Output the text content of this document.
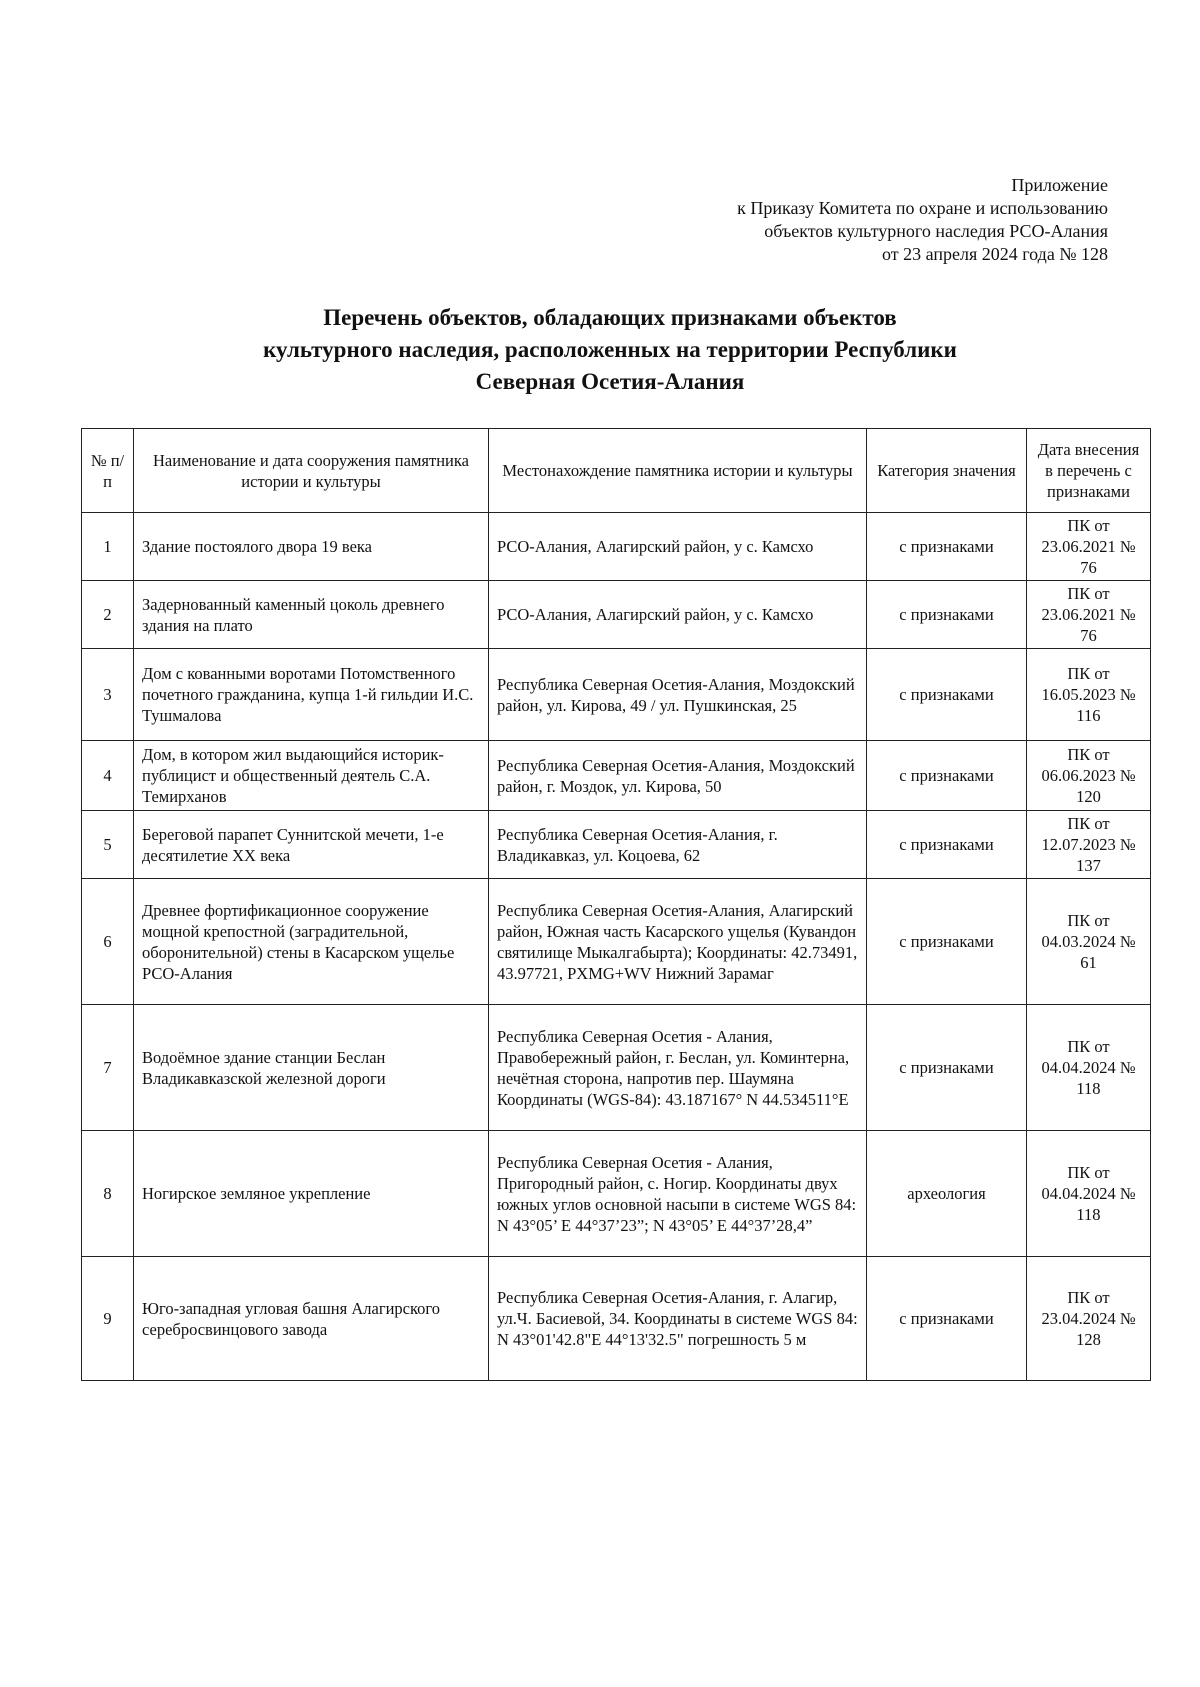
Приложение
к Приказу Комитета по охране и использованию
объектов культурного наследия РСО-Алания
от 23 апреля 2024 года № 128
Перечень объектов, обладающих признаками объектов
культурного наследия, расположенных на территории Республики
Северная Осетия-Алания
№ п/п	Наименование и дата сооружения памятника истории и культуры	Местонахождение памятника истории и культуры	Категория значения	Дата внесения в перечень с признаками
1	Здание постоялого двора 19 века	РСО-Алания, Алагирский район, у с. Камсхо	с признаками	ПК от 23.06.2021 № 76
2	Задернованный каменный цоколь древнего здания на плато	РСО-Алания, Алагирский район, у с. Камсхо	с признаками	ПК от 23.06.2021 № 76
3	Дом с кованными воротами Потомственного почетного гражданина, купца 1-й гильдии И.С. Тушмалова	Республика Северная Осетия-Алания, Моздокский район, ул. Кирова, 49 / ул. Пушкинская, 25	с признаками	ПК от 16.05.2023 № 116
4	Дом, в котором жил выдающийся историк-публицист и общественный деятель С.А. Темирханов	Республика Северная Осетия-Алания, Моздокский район, г. Моздок, ул. Кирова, 50	с признаками	ПК от 06.06.2023 № 120
5	Береговой парапет Суннитской мечети, 1-е десятилетие XX века	Республика Северная Осетия-Алания, г. Владикавказ, ул. Коцоева, 62	с признаками	ПК от 12.07.2023 № 137
6	Древнее фортификационное сооружение мощной крепостной (заградительной, оборонительной) стены в Касарском ущелье РСО-Алания	Республика Северная Осетия-Алания, Алагирский район, Южная часть Касарского ущелья (Кувандон святилище Мыкалгабырта); Координаты: 42.73491, 43.97721, PXMG+WV Нижний Зарамаг	с признаками	ПК от 04.03.2024 № 61
7	Водоёмное здание станции Беслан Владикавказской железной дороги	Республика Северная Осетия - Алания, Правобережный район, г. Беслан, ул. Коминтерна, нечётная сторона, напротив пер. Шаумяна Координаты (WGS-84): 43.187167° N 44.534511°E	с признаками	ПК от 04.04.2024 № 118
8	Ногирское земляное укрепление	Республика Северная Осетия - Алания, Пригородный район, с. Ногир. Координаты двух южных углов основной насыпи в системе WGS 84: N 43°05’ E 44°37’23”; N 43°05’ E 44°37’28,4”	археология	ПК от 04.04.2024 № 118
9	Юго-западная угловая башня Алагирского серебросвинцового завода	Республика Северная Осетия-Алания, г. Алагир, ул.Ч. Басиевой, 34. Координаты в системе WGS 84: N 43°01'42.8"E 44°13'32.5" погрешность 5 м	с признаками	ПК от 23.04.2024 № 128
